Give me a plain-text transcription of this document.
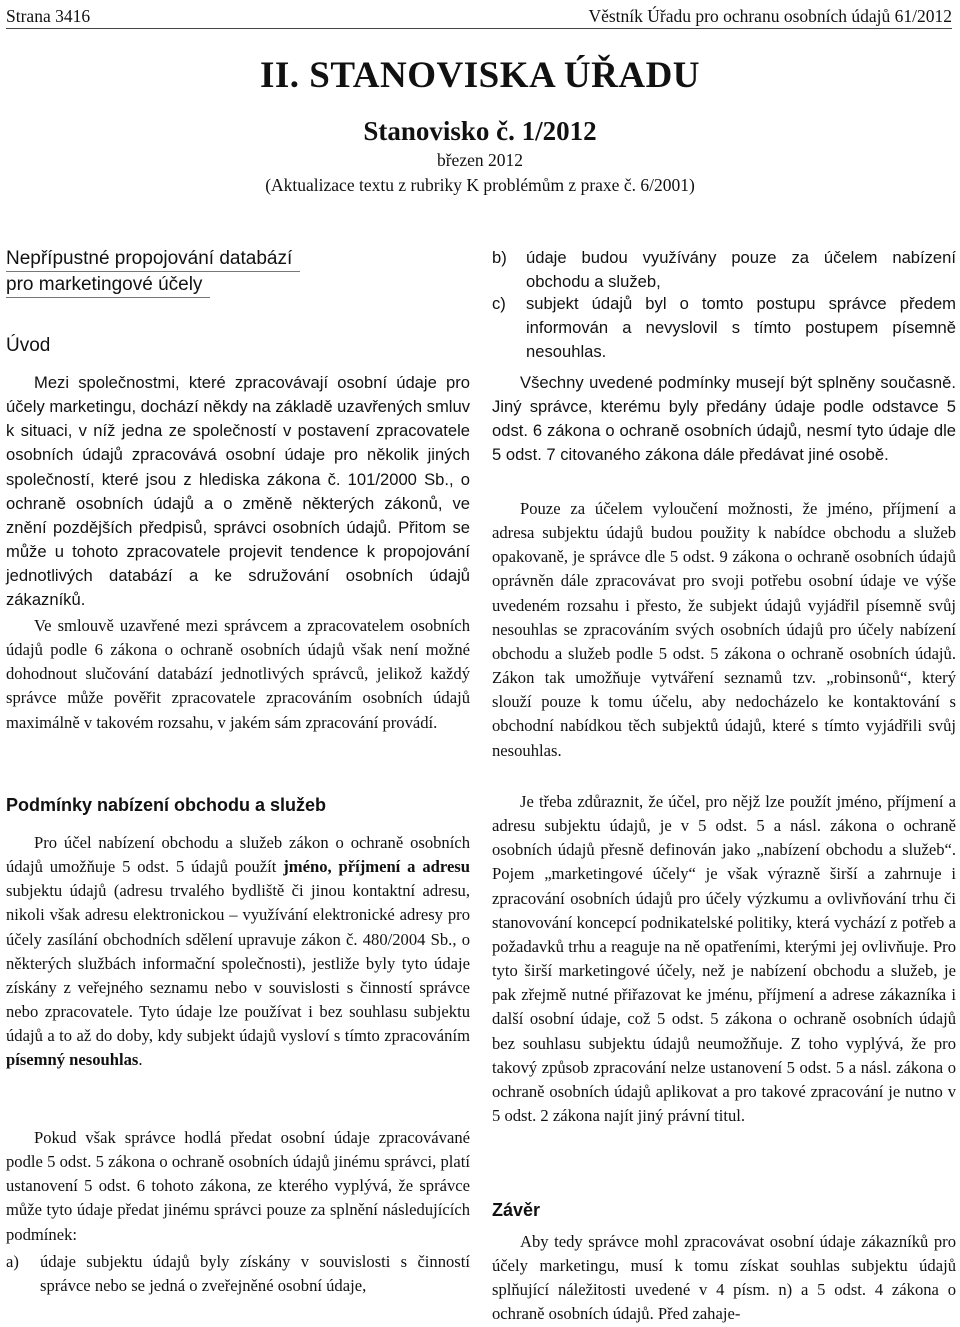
Strana 3416	Věstník Úřadu pro ochranu osobních údajů 61/2012
II. STANOVISKA ÚŘADU
Stanovisko č. 1/2012
březen 2012
(Aktualizace textu z rubriky K problémům z praxe č. 6/2001)
Nepřípustné propojování databází
pro marketingové účely
Úvod

Mezi společnostmi, které zpracovávají osobní údaje pro účely marketingu, dochází někdy na základě uzavřených smluv k situaci, v níž jedna ze společností v postavení zpracovatele osobních údajů zpracovává osobní údaje pro několik jiných společností, které jsou z hlediska zákona č. 101/2000 Sb., o ochraně osobních údajů a o změně některých zákonů, ve znění pozdějších předpisů, správci osobních údajů. Přitom se může u tohoto zpracovatele projevit tendence k propojování jednotlivých databází a ke sdružování osobních údajů zákazníků.

Ve smlouvě uzavřené mezi správcem a zpracovatelem osobních údajů podle 6 zákona o ochraně osobních údajů však není možné dohodnout slučování databází jednotlivých správců, jelikož každý správce může pověřit zpracovatele zpracováním osobních údajů maximálně v takovém rozsahu, v jakém sám zpracování provádí.

Podmínky nabízení obchodu a služeb

Pro účel nabízení obchodu a služeb zákon o ochraně osobních údajů umožňuje 5 odst. 5 údajů použít jméno, příjmení a adresu subjektu údajů (adresu trvalého bydliště či jinou kontaktní adresu, nikoli však adresu elektronickou – využívání elektronické adresy pro účely zasílání obchodních sdělení upravuje zákon č. 480/2004 Sb., o některých službách informační společnosti), jestliže byly tyto údaje získány z veřejného seznamu nebo v souvislosti s činností správce nebo zpracovatele. Tyto údaje lze používat i bez souhlasu subjektu údajů a to až do doby, kdy subjekt údajů vysloví s tímto zpracováním písemný nesouhlas.

Pokud však správce hodlá předat osobní údaje zpracovávané podle 5 odst. 5 zákona o ochraně osobních údajů jinému správci, platí ustanovení 5 odst. 6 tohoto zákona, ze kterého vyplývá, že správce může tyto údaje předat jinému správci pouze za splnění následujících podmínek:

a) údaje subjektu údajů byly získány v souvislosti s činností správce nebo se jedná o zveřejněné osobní údaje,
b) údaje budou využívány pouze za účelem nabízení obchodu a služeb,
c) subjekt údajů byl o tomto postupu správce předem informován a nevyslovil s tímto postupem písemně nesouhlas.

Všechny uvedené podmínky musejí být splněny současně. Jiný správce, kterému byly předány údaje podle odstavce 5 odst. 6 zákona o ochraně osobních údajů, nesmí tyto údaje dle 5 odst. 7 citovaného zákona dále předávat jiné osobě.

Pouze za účelem vyloučení možnosti, že jméno, příjmení a adresa subjektu údajů budou použity k nabídce obchodu a služeb opakovaně, je správce dle 5 odst. 9 zákona o ochraně osobních údajů oprávněn dále zpracovávat pro svoji potřebu osobní údaje ve výše uvedeném rozsahu i přesto, že subjekt údajů vyjádřil písemně svůj nesouhlas se zpracováním svých osobních údajů pro účely nabízení obchodu a služeb podle 5 odst. 5 zákona o ochraně osobních údajů. Zákon tak umožňuje vytváření seznamů tzv. „robinsonů“, který slouží pouze k tomu účelu, aby nedocházelo ke kontaktování s obchodní nabídkou těch subjektů údajů, které s tímto vyjádřili svůj nesouhlas.

Je třeba zdůraznit, že účel, pro nějž lze použít jméno, příjmení a adresu subjektu údajů, je v 5 odst. 5 a násl. zákona o ochraně osobních údajů přesně definován jako „nabízení obchodu a služeb“. Pojem „marketingové účely“ je však výrazně širší a zahrnuje i zpracování osobních údajů pro účely výzkumu a ovlivňování trhu či stanovování koncepcí podnikatelské politiky, která vychází z potřeb a požadavků trhu a reaguje na ně opatřeními, kterými jej ovlivňuje. Pro tyto širší marketingové účely, než je nabízení obchodu a služeb, je pak zřejmě nutné přiřazovat ke jménu, příjmení a adrese zákazníka i další osobní údaje, což 5 odst. 5 zákona o ochraně osobních údajů bez souhlasu subjektu údajů neumožňuje. Z toho vyplývá, že pro takový způsob zpracování nelze ustanovení 5 odst. 5 a násl. zákona o ochraně osobních údajů aplikovat a pro takové zpracování je nutno v 5 odst. 2 zákona najít jiný právní titul.

Závěr

Aby tedy správce mohl zpracovávat osobní údaje zákazníků pro účely marketingu, musí k tomu získat souhlas subjektu údajů splňující náležitosti uvedené v 4 písm. n) a 5 odst. 4 zákona o ochraně osobních údajů. Před zahaje-
